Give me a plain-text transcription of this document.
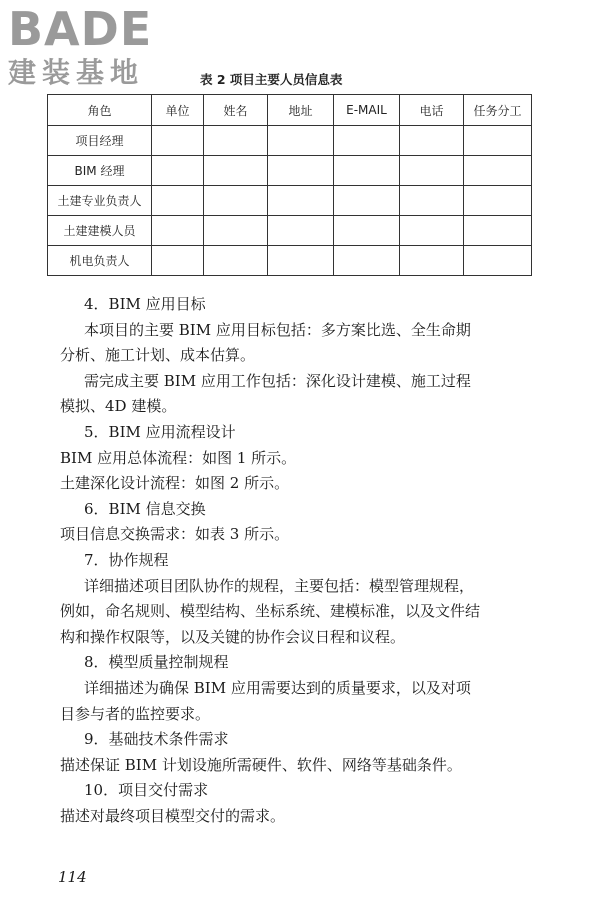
BADE
建装基地	表 2 项目主要人员信息表
角色	单位	姓名	地址	E-MAIL	电话	任务分工
项目经理						
BIM 经理						
土建专业负责人						
土建建模人员						
机电负责人						

4．BIM 应用目标

本项目的主要 BIM 应用目标包括：多方案比选、全生命期

分析、施工计划、成本估算。

需完成主要 BIM 应用工作包括：深化设计建模、施工过程

模拟、4D 建模。

5．BIM 应用流程设计

BIM 应用总体流程：如图 1 所示。

土建深化设计流程：如图 2 所示。

6．BIM 信息交换

项目信息交换需求：如表 3 所示。

7．协作规程

详细描述项目团队协作的规程，主要包括：模型管理规程，

例如，命名规则、模型结构、坐标系统、建模标准，以及文件结

构和操作权限等，以及关键的协作会议日程和议程。

8．模型质量控制规程

详细描述为确保 BIM 应用需要达到的质量要求，以及对项

目参与者的监控要求。

9．基础技术条件需求

描述保证 BIM 计划设施所需硬件、软件、网络等基础条件。

10．项目交付需求

描述对最终项目模型交付的需求。

114
